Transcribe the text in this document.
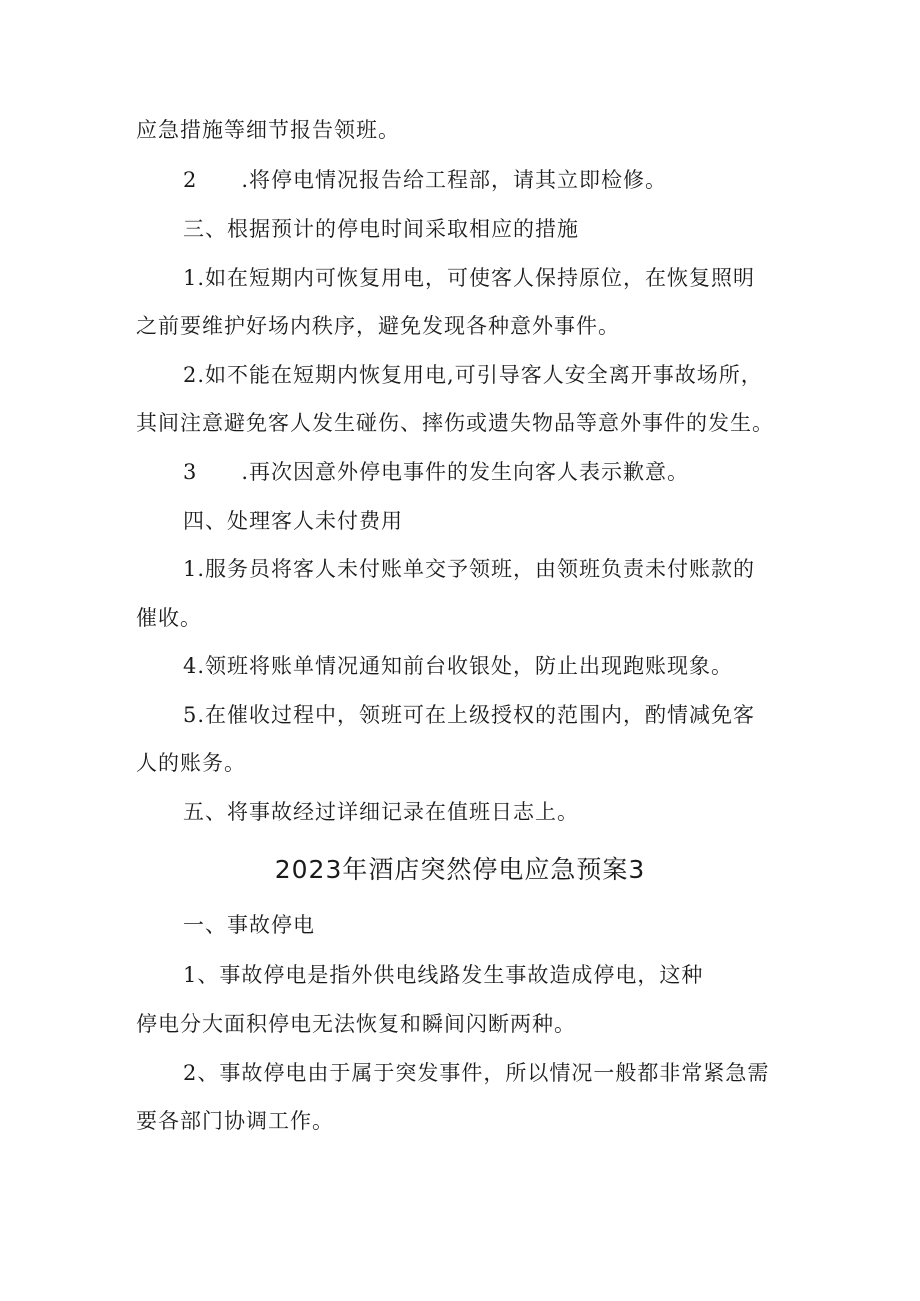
应急措施等细节报告领班。
2 .将停电情况报告给工程部，请其立即检修。
三、根据预计的停电时间采取相应的措施
1.如在短期内可恢复用电，可使客人保持原位，在恢复照明
之前要维护好场内秩序，避免发现各种意外事件。
2.如不能在短期内恢复用电,可引导客人安全离开事故场所，
其间注意避免客人发生碰伤、摔伤或遗失物品等意外事件的发生。
3 .再次因意外停电事件的发生向客人表示歉意。
四、处理客人未付费用
1.服务员将客人未付账单交予领班，由领班负责未付账款的
催收。
4.领班将账单情况通知前台收银处，防止出现跑账现象。
5.在催收过程中，领班可在上级授权的范围内，酌情减免客
人的账务。
五、将事故经过详细记录在值班日志上。
2023年酒店突然停电应急预案3
一、事故停电
1、事故停电是指外供电线路发生事故造成停电，这种
停电分大面积停电无法恢复和瞬间闪断两种。
2、事故停电由于属于突发事件，所以情况一般都非常紧急需
要各部门协调工作。
